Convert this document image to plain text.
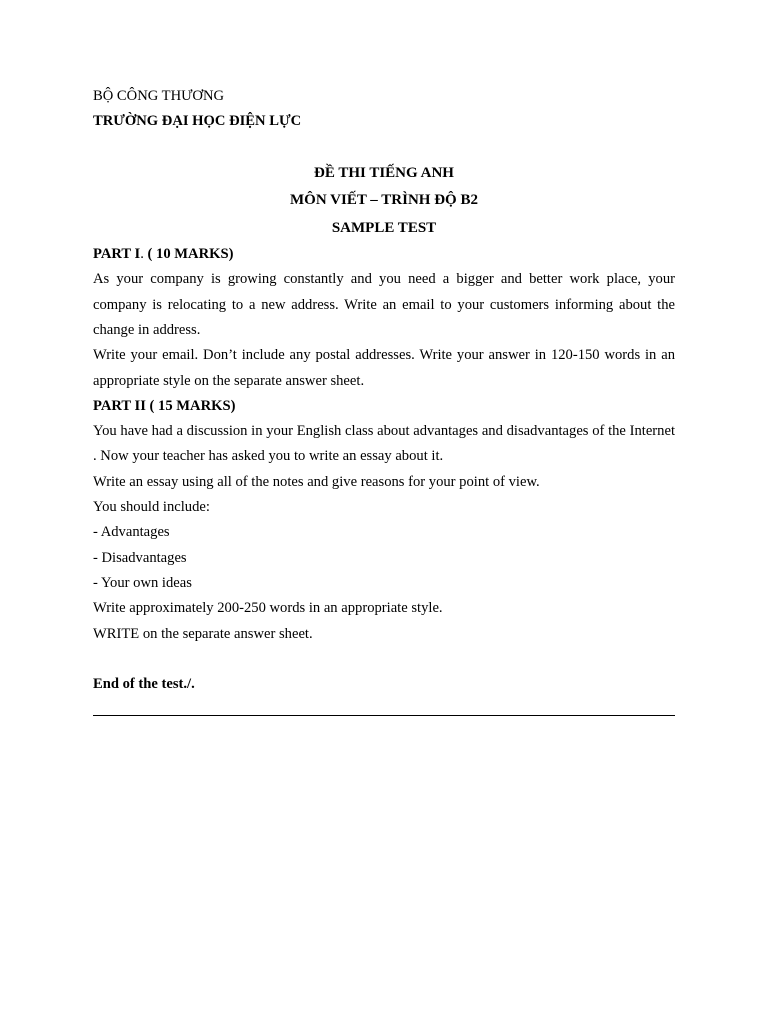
BỘ CÔNG THƯƠNG
TRƯỜNG ĐẠI HỌC ĐIỆN LỰC
ĐỀ THI TIẾNG ANH
MÔN VIẾT – TRÌNH ĐỘ B2
SAMPLE TEST
PART I. ( 10 MARKS)

As your company is growing constantly and you need a bigger and better work place, your company is relocating to a new address. Write an email to your customers informing about the change in address.

Write your email. Don’t include any postal addresses. Write your answer in 120-150 words in an appropriate style on the separate answer sheet.

PART II ( 15 MARKS)

You have had a discussion in your English class about advantages and disadvantages of the Internet . Now your teacher has asked you to write an essay about it.

Write an essay using all of the notes and give reasons for your point of view.
You should include:
- Advantages
- Disadvantages
- Your own ideas
Write approximately 200-250 words in an appropriate style.
WRITE on the separate answer sheet.
End of the test./.
